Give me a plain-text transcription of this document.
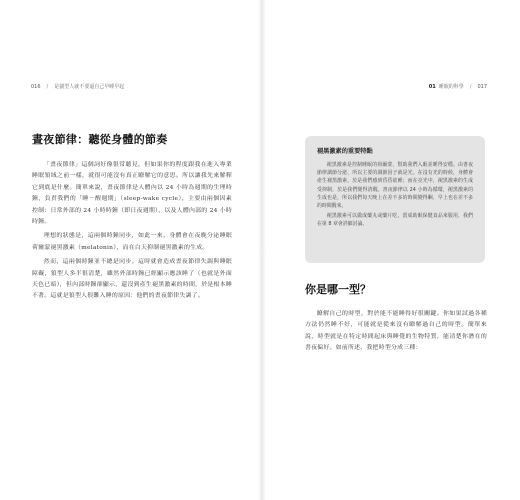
016 / 是貓型人就不要逼自己早睡早起
晝夜節律：聽從身體的節奏

「晝夜節律」這個詞好像很常聽見，但如果你的程度跟我在進入專業睡眠領域之前一樣，就很可能沒有真正瞭解它的意思。所以讓我先來解釋它到底是什麼。簡單來說，晝夜節律是人體內以 24 小時為週期的生理時鐘，負責我們的「睡－醒週期」（sleep-wake cycle），主要由兩個因素控制：日常外部的 24 小時時鐘（即日夜週期），以及人體內部的 24 小時時鐘。

理想的狀態是，這兩個時鐘同步，如此一來，身體會在夜晚分泌睡眠荷爾蒙褪黑激素（melatonin），而在白天抑制褪黑激素的生成。

然而，這兩個時鐘並不總是同步。這時就會造成晝夜節律失調與睡眠障礙，狼型人多半很清楚，雖然外部時鐘已經顯示應該睡了（也就是外面天色已暗），但內部時鐘卻顯示，還沒到產生褪黑激素的時間，於是根本睡不著。這就是狼型人很難入睡的原因：他們的晝夜節律失調了。

01 睡眠的科學 / 017
褪黑激素的重要特點

褪黑激素是控制睡眠的荷爾蒙，幫助我們入眠並睡得安穩。由書夜節律調節分泌，所以主要的調節因子就是光。在沒有光的時候，身體會產生褪黑激素，於是我們感到昏昏欲睡；而在亮光中，褪黑激素的生成受抑制，於是我們變得清醒。書夜節律以 24 小時為循環，褪黑激素的生成也是，所以我們每天晚上在差不多的時間變得睏，早上也在差不多的時間醒來。

褪黑激素可以做成藥丸或藥片吃，當成助眠保健食品來服用，我們在第 8 章會詳細討論。

你是哪一型？

瞭解自己的時型，對於能不能睡得好很關鍵。你如果試過各種方法仍然睡不好，可能就是從來沒有瞭解過自己的時型。簡單來說，時型就是在特定時間起床與睡覺的生物特質，能清楚你潛在的書夜偏好。如前所述，我把時型分成三種：
